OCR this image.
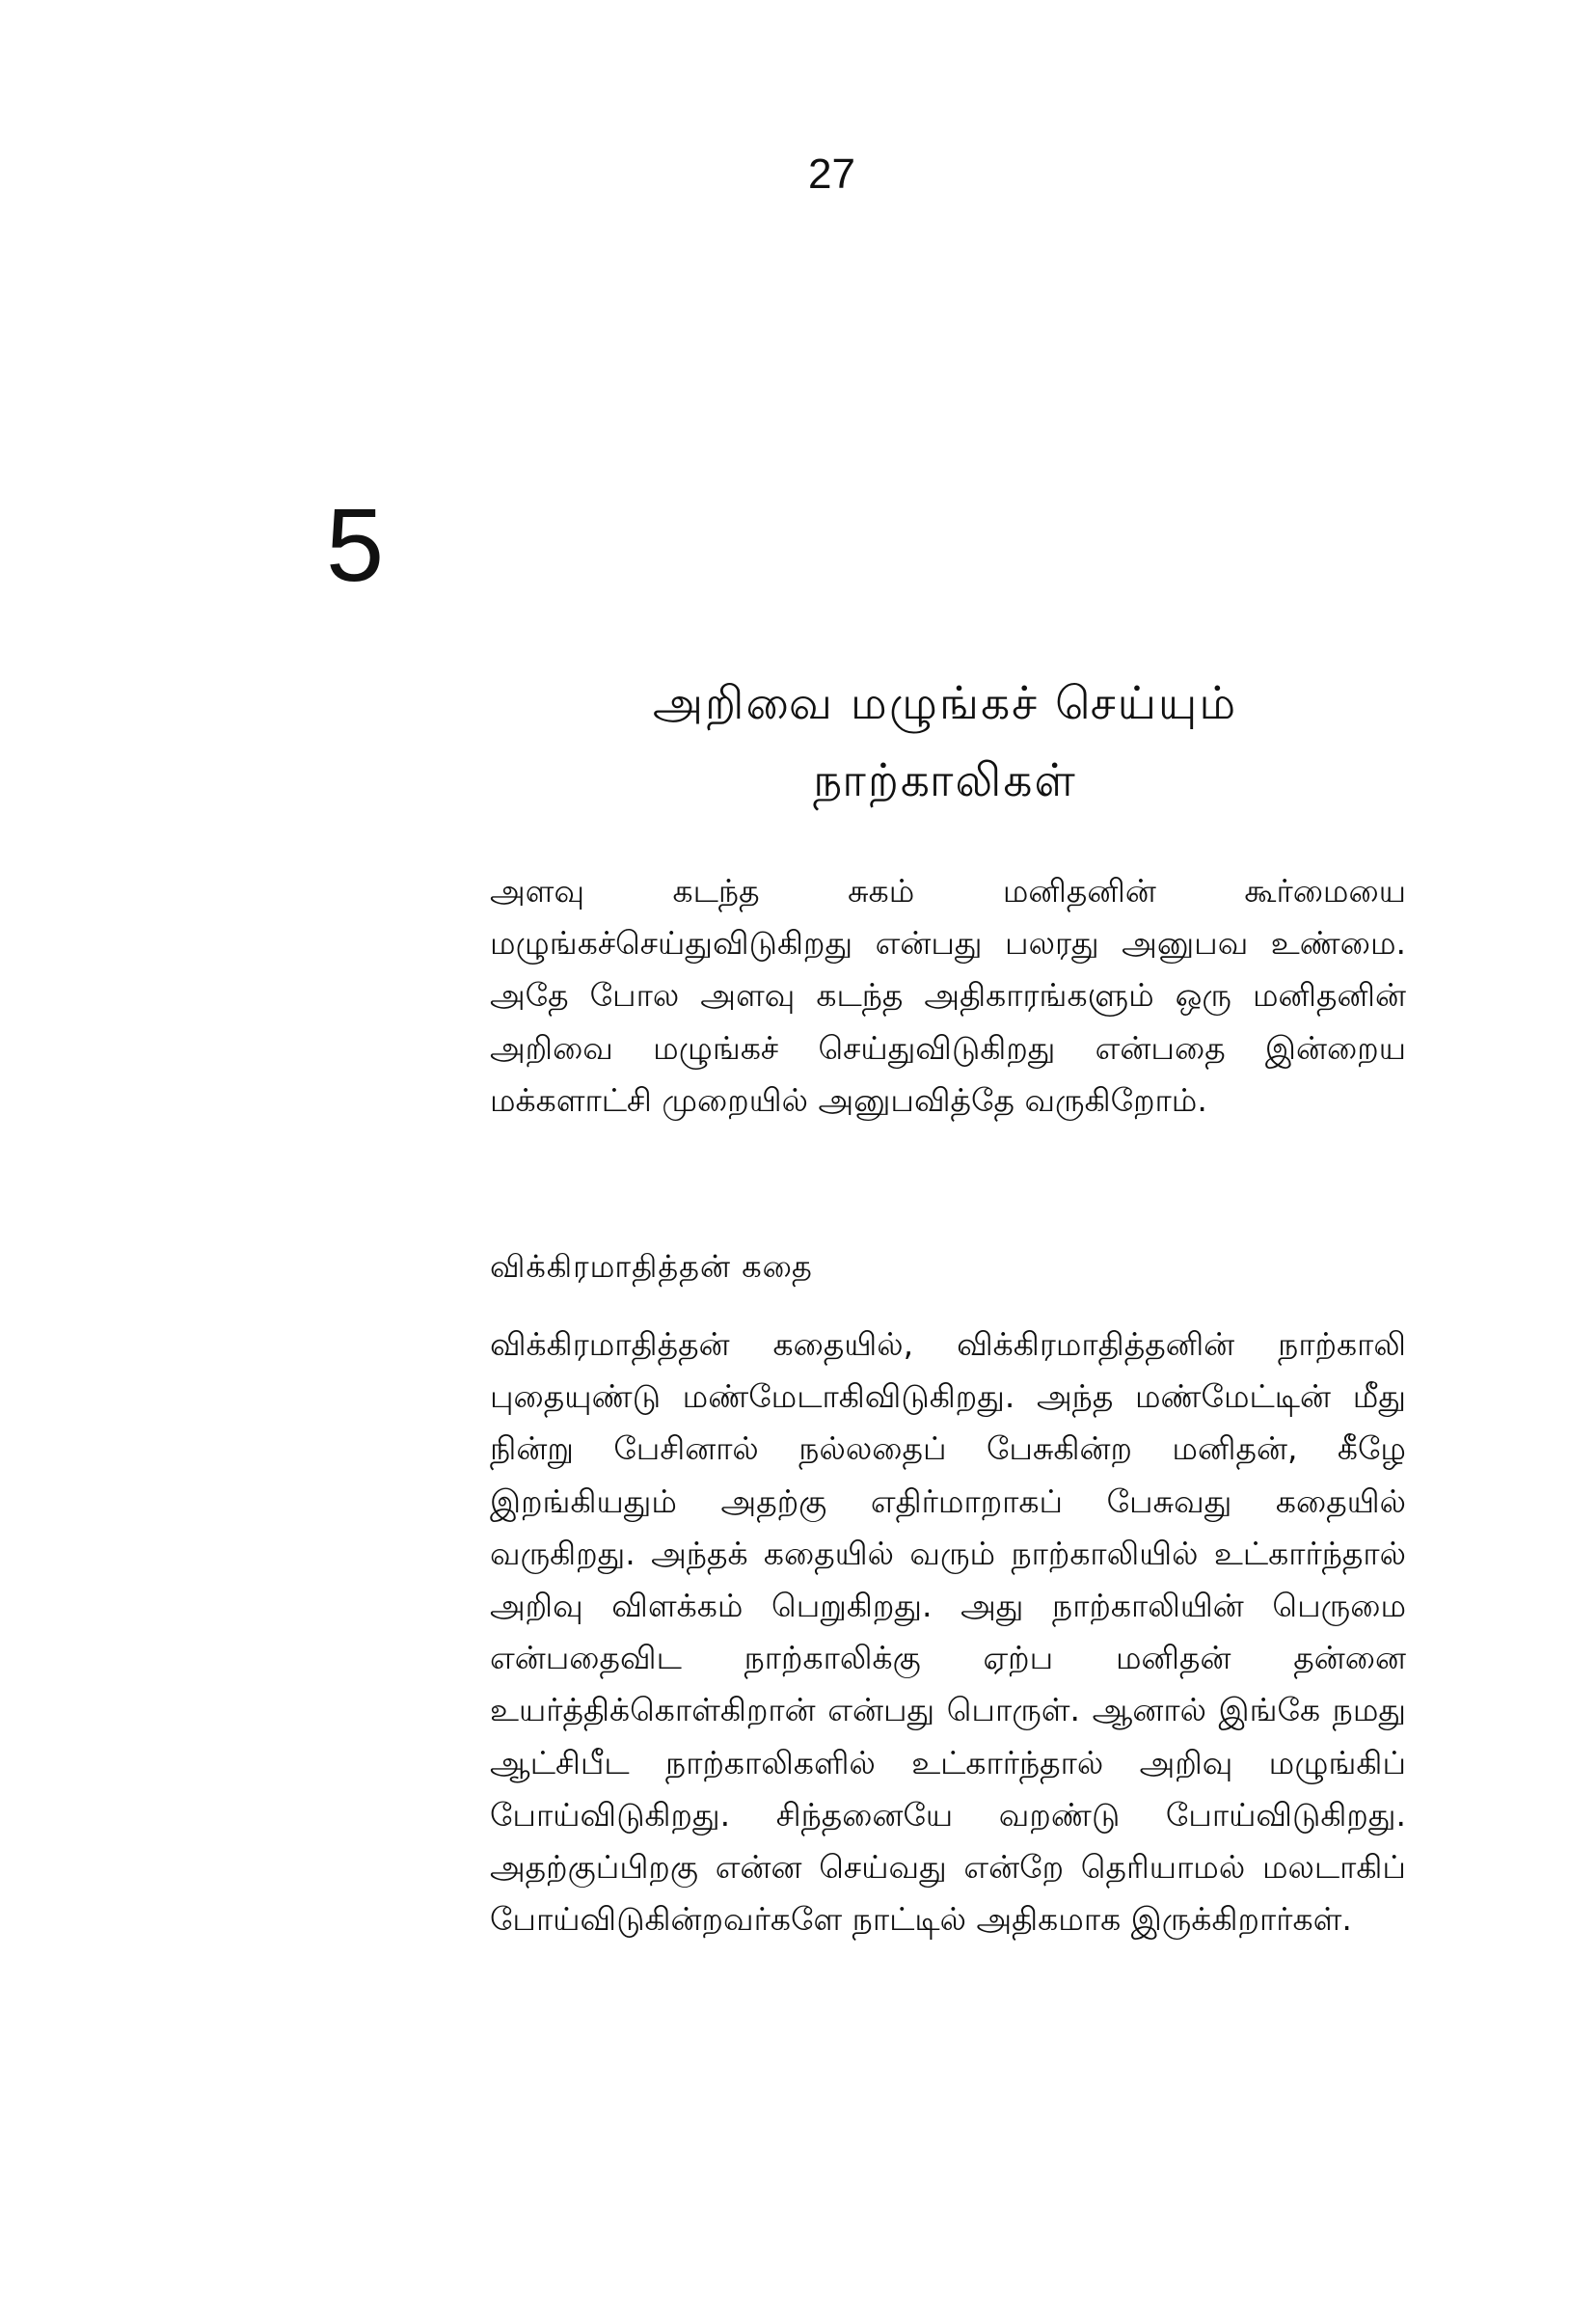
27
5
அறிவை மழுங்கச் செய்யும்
நாற்காலிகள்

அளவு கடந்த சுகம் மனிதனின் கூர்மையை மழுங்கச்செய்துவிடுகிறது என்பது பலரது அனுபவ உண்மை. அதே போல அளவு கடந்த அதிகாரங்களும் ஒரு மனிதனின் அறிவை மழுங்கச் செய்துவிடுகிறது என்பதை இன்றைய மக்களாட்சி முறையில் அனுபவித்தே வருகிறோம்.

விக்கிரமாதித்தன் கதை

விக்கிரமாதித்தன் கதையில், விக்கிரமாதித்தனின் நாற்காலி புதையுண்டு மண்மேடாகிவிடுகிறது. அந்த மண்மேட்டின் மீது நின்று பேசினால் நல்லதைப் பேசுகின்ற மனிதன், கீழே இறங்கியதும் அதற்கு எதிர்மாறாகப் பேசுவது கதையில் வருகிறது. அந்தக் கதையில் வரும் நாற்காலியில் உட்கார்ந்தால் அறிவு விளக்கம் பெறுகிறது. அது நாற்காலியின் பெருமை என்பதைவிட நாற்காலிக்கு ஏற்ப மனிதன் தன்னை உயர்த்திக்கொள்கிறான் என்பது பொருள். ஆனால் இங்கே நமது ஆட்சிபீட நாற்காலிகளில் உட்கார்ந்தால் அறிவு மழுங்கிப் போய்விடுகிறது. சிந்தனையே வறண்டு போய்விடுகிறது. அதற்குப்பிறகு என்ன செய்வது என்றே தெரியாமல் மலடாகிப் போய்விடுகின்றவர்களே நாட்டில் அதிகமாக இருக்கிறார்கள்.
